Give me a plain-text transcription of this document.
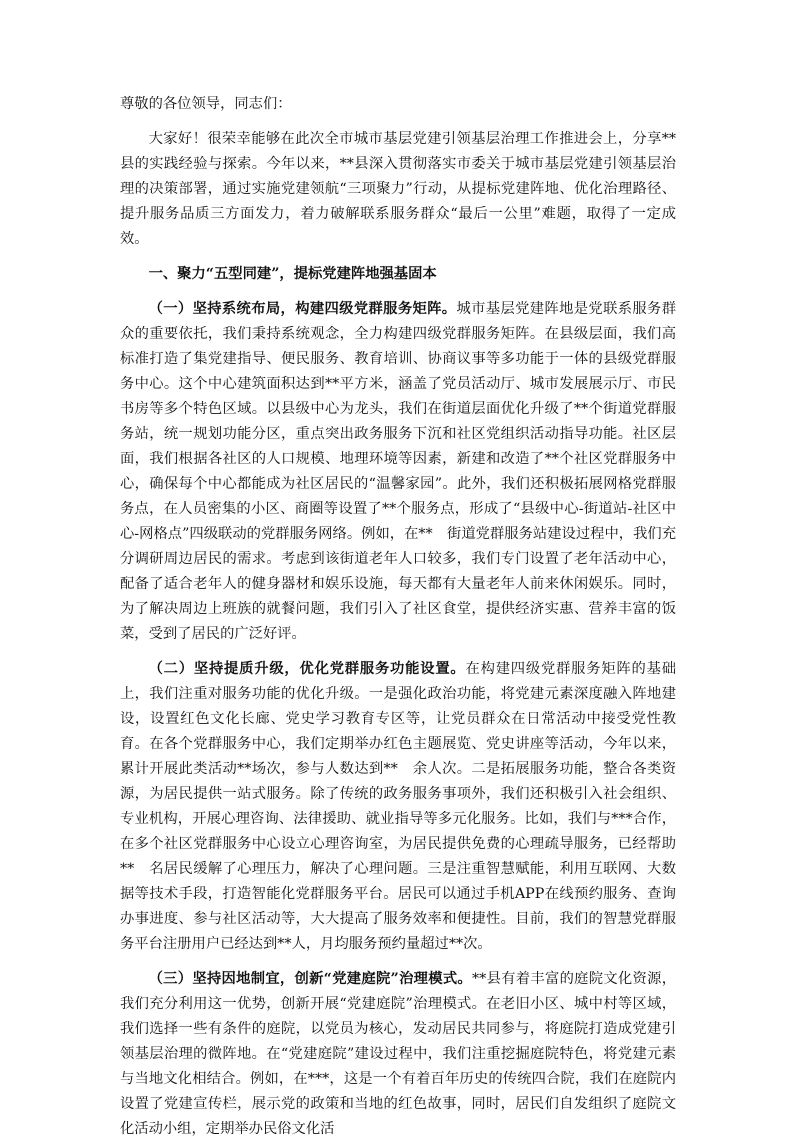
尊敬的各位领导，同志们：

大家好！很荣幸能够在此次全市城市基层党建引领基层治理工作推进会上，分享**县的实践经验与探索。今年以来，**县深入贯彻落实市委关于城市基层党建引领基层治理的决策部署，通过实施党建领航“三项聚力”行动，从提标党建阵地、优化治理路径、提升服务品质三方面发力，着力破解联系服务群众“最后一公里”难题，取得了一定成效。

一、聚力“五型同建”，提标党建阵地强基固本

（一）坚持系统布局，构建四级党群服务矩阵。城市基层党建阵地是党联系服务群众的重要依托，我们秉持系统观念，全力构建四级党群服务矩阵。在县级层面，我们高标准打造了集党建指导、便民服务、教育培训、协商议事等多功能于一体的县级党群服务中心。这个中心建筑面积达到**平方米，涵盖了党员活动厅、城市发展展示厅、市民书房等多个特色区域。以县级中心为龙头，我们在街道层面优化升级了**个街道党群服务站，统一规划功能分区，重点突出政务服务下沉和社区党组织活动指导功能。社区层面，我们根据各社区的人口规模、地理环境等因素，新建和改造了**个社区党群服务中心，确保每个中心都能成为社区居民的“温馨家园”。此外，我们还积极拓展网格党群服务点，在人员密集的小区、商圈等设置了**个服务点，形成了“县级中心-街道站-社区中心-网格点”四级联动的党群服务网络。例如，在**　街道党群服务站建设过程中，我们充分调研周边居民的需求。考虑到该街道老年人口较多，我们专门设置了老年活动中心，配备了适合老年人的健身器材和娱乐设施，每天都有大量老年人前来休闲娱乐。同时，为了解决周边上班族的就餐问题，我们引入了社区食堂，提供经济实惠、营养丰富的饭菜，受到了居民的广泛好评。

（二）坚持提质升级，优化党群服务功能设置。在构建四级党群服务矩阵的基础上，我们注重对服务功能的优化升级。一是强化政治功能，将党建元素深度融入阵地建设，设置红色文化长廊、党史学习教育专区等，让党员群众在日常活动中接受党性教育。在各个党群服务中心，我们定期举办红色主题展览、党史讲座等活动，今年以来，累计开展此类活动**场次，参与人数达到**　余人次。二是拓展服务功能，整合各类资源，为居民提供一站式服务。除了传统的政务服务事项外，我们还积极引入社会组织、专业机构，开展心理咨询、法律援助、就业指导等多元化服务。比如，我们与***合作，在多个社区党群服务中心设立心理咨询室，为居民提供免费的心理疏导服务，已经帮助**　名居民缓解了心理压力，解决了心理问题。三是注重智慧赋能，利用互联网、大数据等技术手段，打造智能化党群服务平台。居民可以通过手机APP在线预约服务、查询办事进度、参与社区活动等，大大提高了服务效率和便捷性。目前，我们的智慧党群服务平台注册用户已经达到**人，月均服务预约量超过**次。

（三）坚持因地制宜，创新“党建庭院”治理模式。**县有着丰富的庭院文化资源，我们充分利用这一优势，创新开展“党建庭院”治理模式。在老旧小区、城中村等区域，我们选择一些有条件的庭院，以党员为核心，发动居民共同参与，将庭院打造成党建引领基层治理的微阵地。在“党建庭院”建设过程中，我们注重挖掘庭院特色，将党建元素与当地文化相结合。例如，在***，这是一个有着百年历史的传统四合院，我们在庭院内设置了党建宣传栏，展示党的政策和当地的红色故事，同时，居民们自发组织了庭院文化活动小组，定期举办民俗文化活
